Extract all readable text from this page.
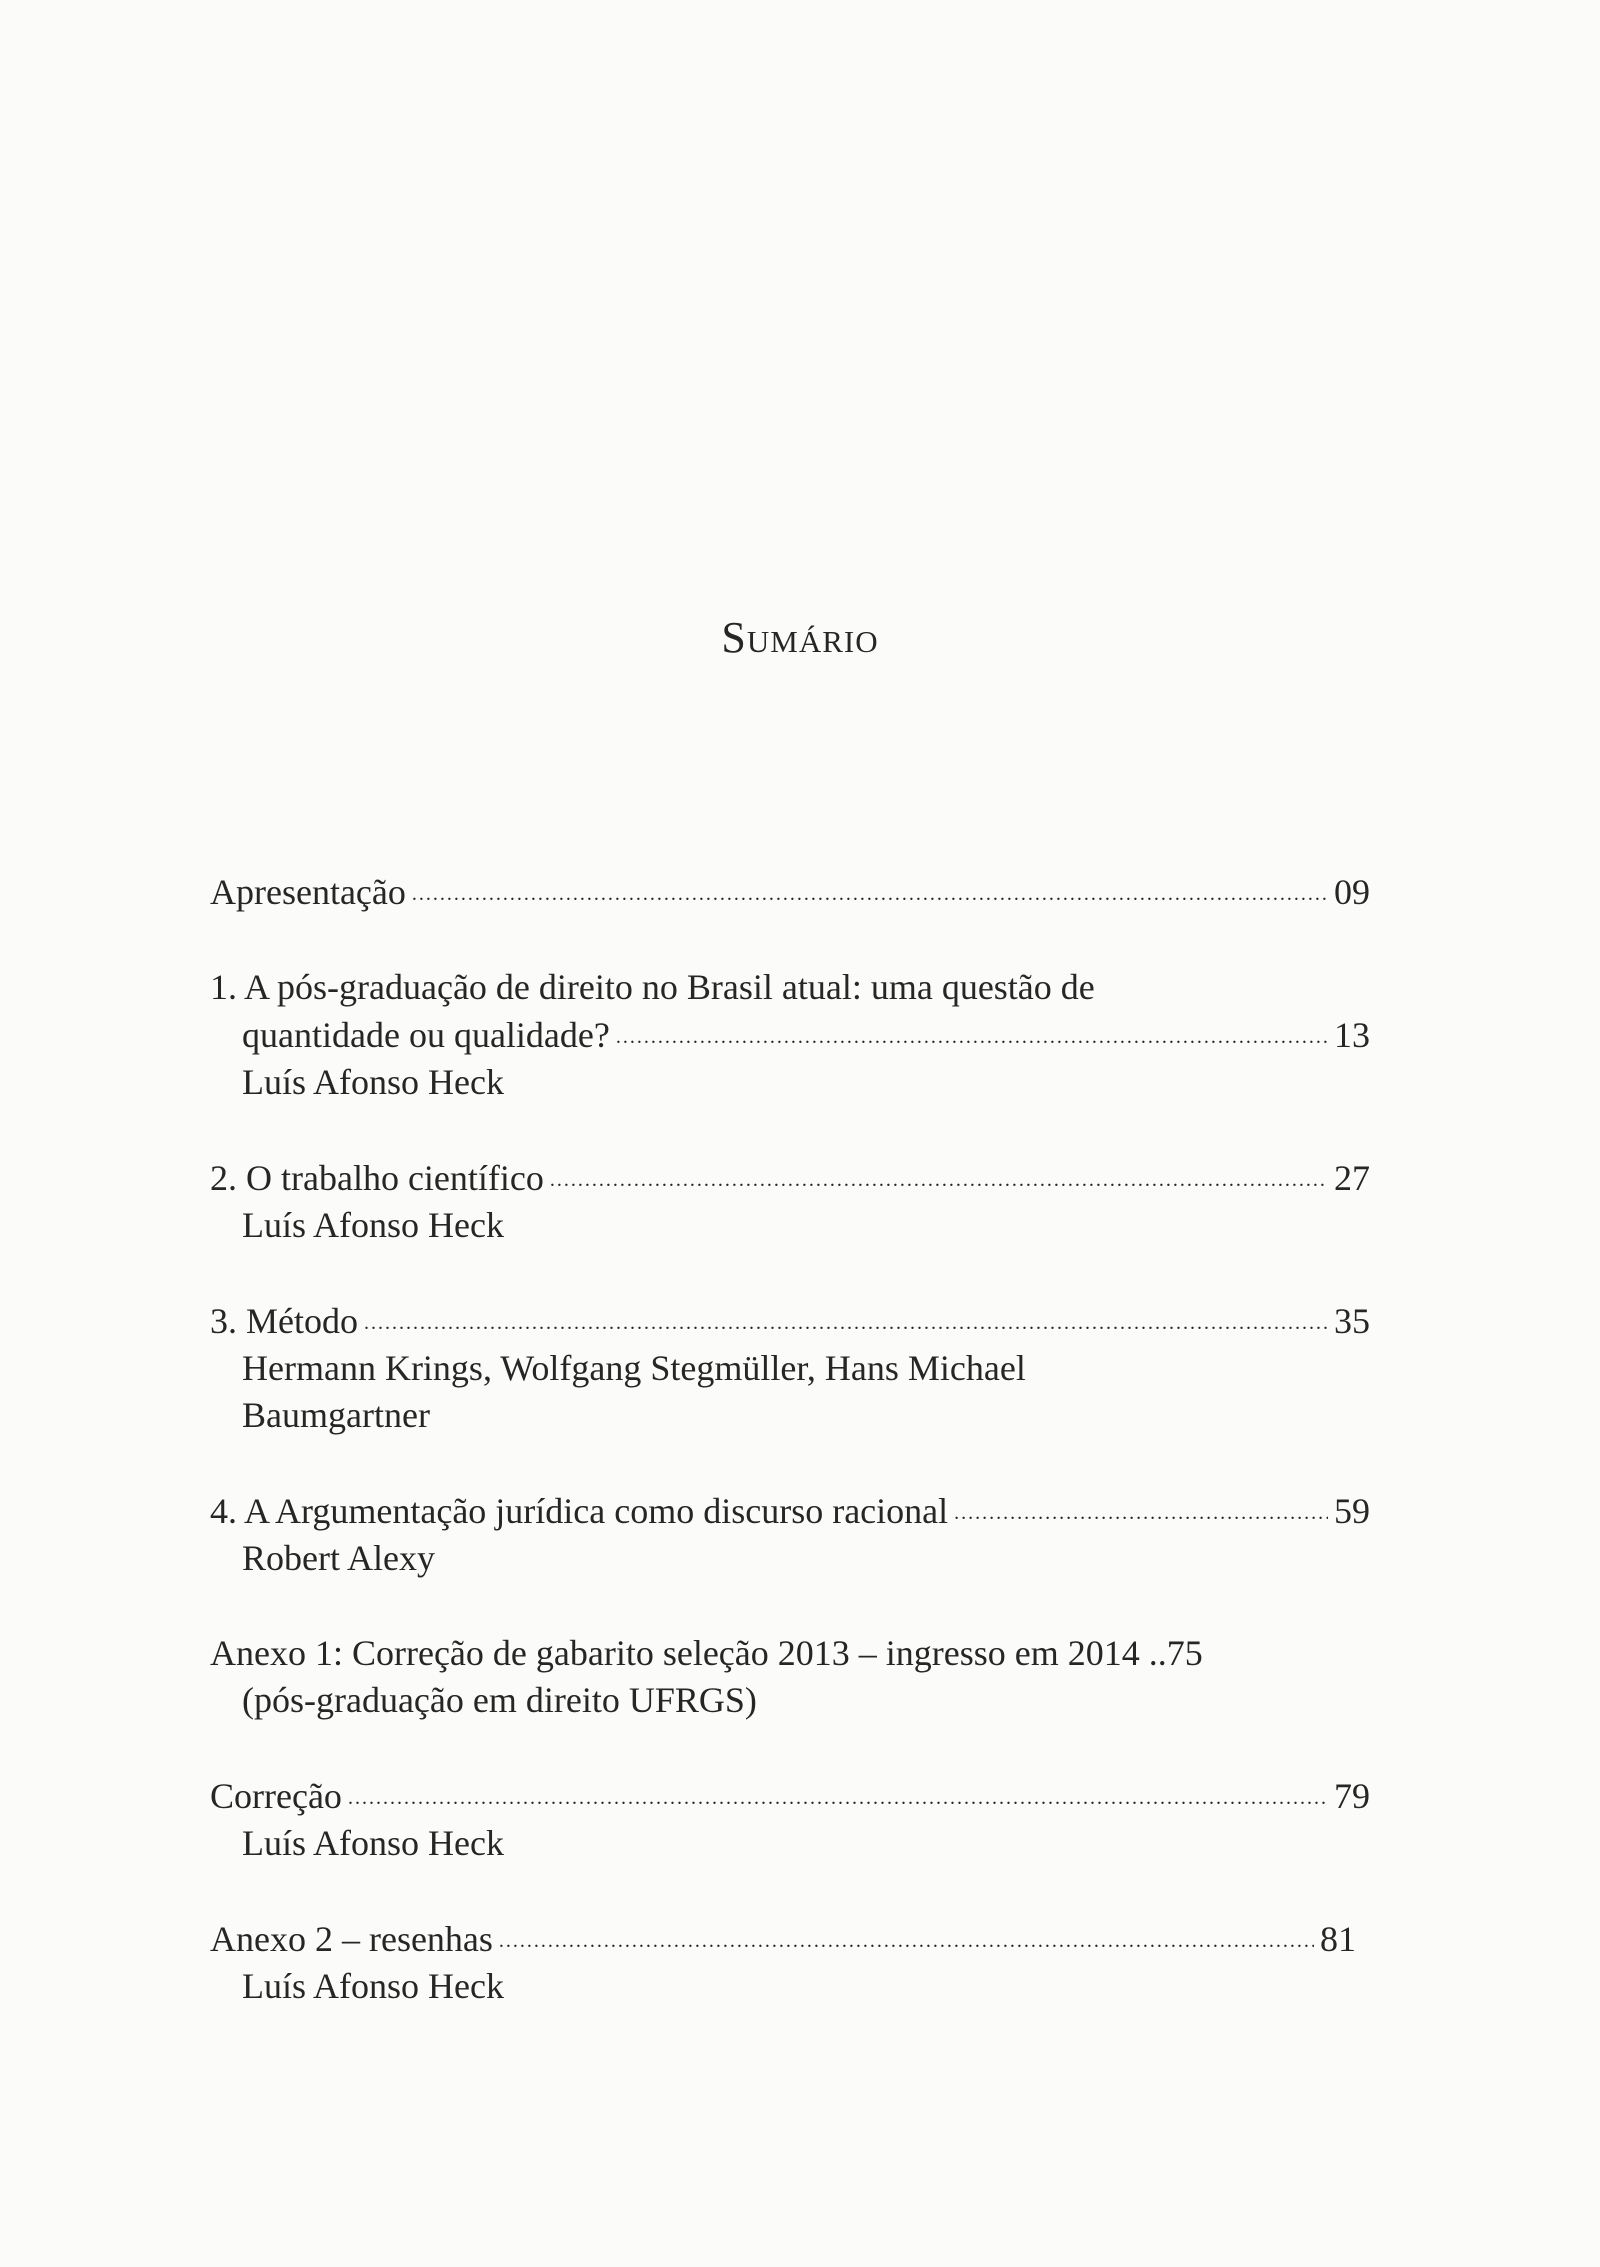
Sumário
Apresentação . . .	09
1. A pós-graduação de direito no Brasil atual: uma questão de
quantidade ou qualidade? . . .	13
Luís Afonso Heck
2. O trabalho científico . . .	27
Luís Afonso Heck
3. Método . . .	35
Hermann Krings, Wolfgang Stegmüller, Hans Michael
Baumgartner
4. A Argumentação jurídica como discurso racional . . .	59
Robert Alexy
Anexo 1: Correção de gabarito seleção 2013 – ingresso em 2014 ..75
(pós-graduação em direito UFRGS)
Correção . . .	79
Luís Afonso Heck
Anexo 2 – resenhas . . .	81
Luís Afonso Heck
